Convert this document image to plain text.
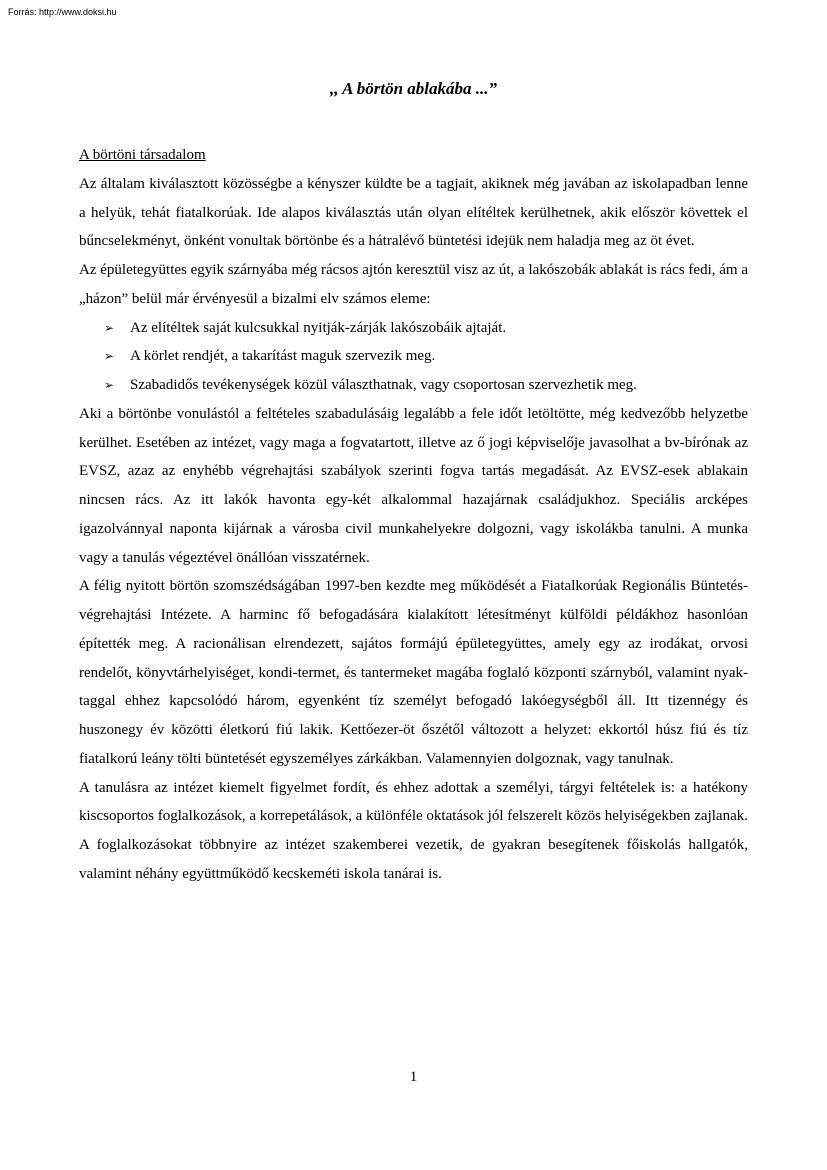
Forrás: http://www.doksi.hu
,, A börtön ablakába ...”

A börtöni társadalom

Az általam kiválasztott közösségbe a kényszer küldte be a tagjait, akiknek még javában az iskolapadban lenne a helyük, tehát fiatalkorúak. Ide alapos kiválasztás után olyan elítéltek kerülhetnek, akik először követtek el bűncselekményt, önként vonultak börtönbe és a hátralévő büntetési idejük nem haladja meg az öt évet.

Az épületegyüttes egyik szárnyába még rácsos ajtón keresztül visz az út, a lakószobák ablakát is rács fedi, ám a „házon” belül már érvényesül a bizalmi elv számos eleme:

➢ Az elítéltek saját kulcsukkal nyitják-zárják lakószobáik ajtaját.
➢ A körlet rendjét, a takarítást maguk szervezik meg.
➢ Szabadidős tevékenységek közül választhatnak, vagy csoportosan szervezhetik meg.

Aki a börtönbe vonulástól a feltételes szabadulásáig legalább a fele időt letöltötte, még kedvezőbb helyzetbe kerülhet. Esetében az intézet, vagy maga a fogvatartott, illetve az ő jogi képviselője javasolhat a bv-bírónak az EVSZ, azaz az enyhébb végrehajtási szabályok szerinti fogva tartás megadását. Az EVSZ-esek ablakain nincsen rács. Az itt lakók havonta egy-két alkalommal hazajárnak családjukhoz. Speciális arcképes igazolvánnyal naponta kijárnak a városba civil munkahelyekre dolgozni, vagy iskolákba tanulni. A munka vagy a tanulás végeztével önállóan visszatérnek.

A félig nyitott börtön szomszédságában 1997-ben kezdte meg működését a Fiatalkorúak Regionális Büntetés-végrehajtási Intézete. A harminc fő befogadására kialakított létesítményt külföldi példákhoz hasonlóan építették meg. A racionálisan elrendezett, sajátos formájú épületegyüttes, amely egy az irodákat, orvosi rendelőt, könyvtárhelyiséget, kondi-termet, és tantermeket magába foglaló központi szárnyból, valamint nyak-taggal ehhez kapcsolódó három, egyenként tíz személyt befogadó lakóegységből áll. Itt tizennégy és huszonegy év közötti életkorú fiú lakik. Kettőezer-öt őszétől változott a helyzet: ekkortól húsz fiú és tíz fiatalkorú leány tölti büntetését egyszemélyes zárkákban. Valamennyien dolgoznak, vagy tanulnak.

A tanulásra az intézet kiemelt figyelmet fordít, és ehhez adottak a személyi, tárgyi feltételek is: a hatékony kiscsoportos foglalkozások, a korrepetálások, a különféle oktatások jól felszerelt közös helyiségekben zajlanak. A foglalkozásokat többnyire az intézet szakemberei vezetik, de gyakran besegítenek főiskolás hallgatók, valamint néhány együttműködő kecskeméti iskola tanárai is.

1
